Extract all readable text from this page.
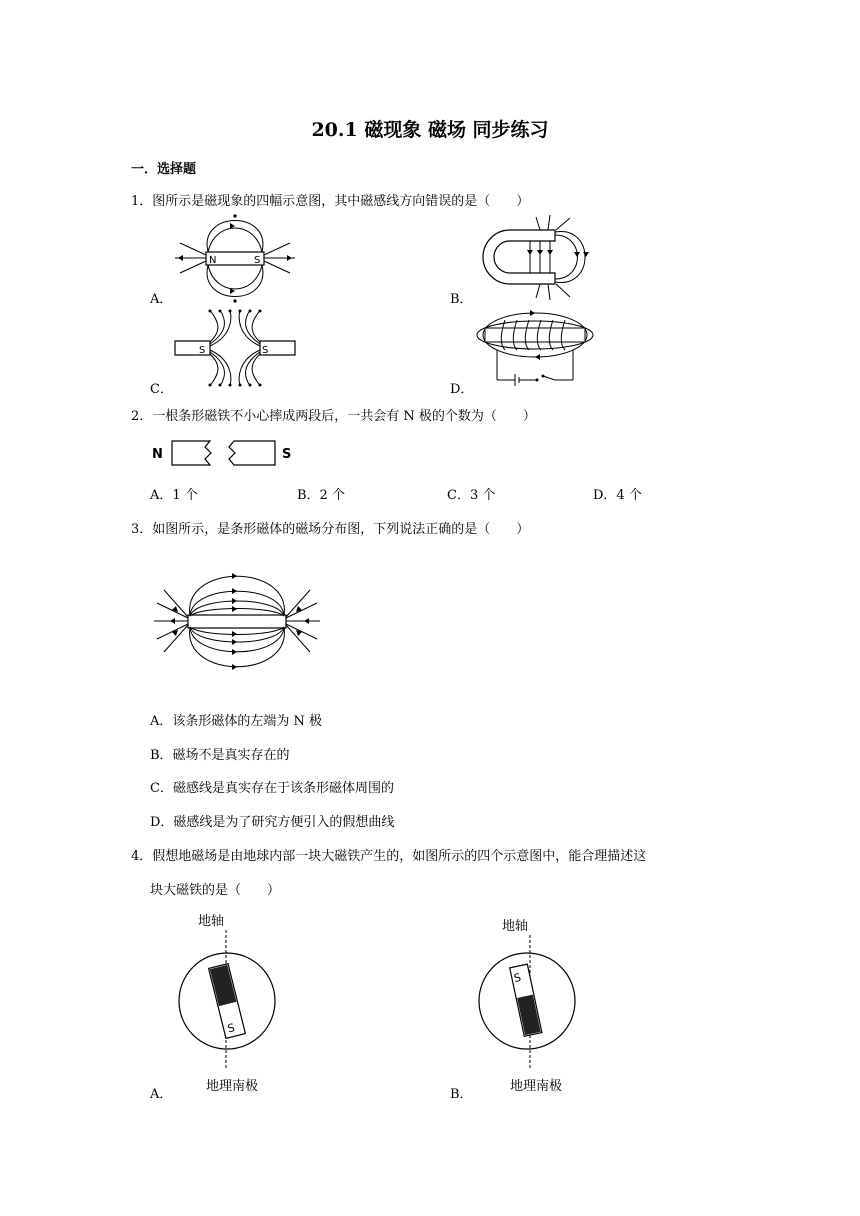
20.1 磁现象 磁场 同步练习
一．选择题
1．图所示是磁现象的四幅示意图，其中磁感线方向错误的是（　　）
N	S
A．	B．
S	S
C．	D．
2．一根条形磁铁不小心摔成两段后，一共会有 N 极的个数为（　　）
N	S
A．1 个	B．2 个	C．3 个	D．4 个
3．如图所示，是条形磁体的磁场分布图，下列说法正确的是（　　）
A．该条形磁体的左端为 N 极
B．磁场不是真实存在的
C．磁感线是真实存在于该条形磁体周围的
D．磁感线是为了研究方便引入的假想曲线
4．假想地磁场是由地球内部一块大磁铁产生的，如图所示的四个示意图中，能合理描述这
块大磁铁的是（　　）
地轴
S
地理南极
A．
地轴
S
地理南极
B．
